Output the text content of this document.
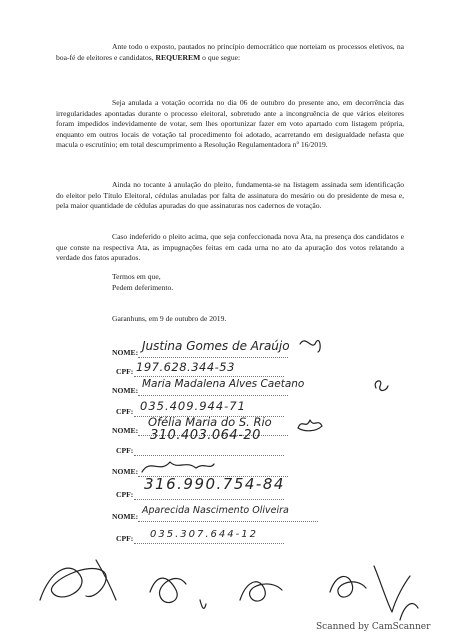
Ante todo o exposto, pautados no princípio democrático que norteiam os processos eletivos, na boa-fé de eleitores e candidatos, REQUEREM o que segue:

Seja anulada a votação ocorrida no dia 06 de outubro do presente ano, em decorrência das irregularidades apontadas durante o processo eleitoral, sobretudo ante a incongruência de que vários eleitores foram impedidos indevidamente de votar, sem lhes oportunizar fazer em voto apartado com listagem própria, enquanto em outros locais de votação tal procedimento foi adotado, acarretando em desigualdade nefasta que macula o escrutínio; em total descumprimento a Resolução Regulamentadora nº 16/2019.

Ainda no tocante à anulação do pleito, fundamenta-se na listagem assinada sem identificação do eleitor pelo Título Eleitoral, cédulas anuladas por falta de assinatura do mesário ou do presidente de mesa e, pela maior quantidade de cédulas apuradas do que assinaturas nos cadernos de votação.

Caso indeferido o pleito acima, que seja confeccionada nova Ata, na presença dos candidatos e que conste na respectiva Ata, as impugnações feitas em cada urna no ato da apuração dos votos relatando a verdade dos fatos apurados.

Termos em que,

Pedem deferimento.

Garanhuns, em 9 de outubro de 2019.

NOME: Justina Gomes de Araújo
CPF: 197.628.344-53
NOME:
Maria Madalena Alves Caetano
CPF: 035.409.944-71
NOME:
Ofélia Maria do S. Rio
CPF:
310.403.064-20
NOME:
CPF:
316.990.754-84
NOME:
Aparecida Nascimento Oliveira
CPF: 035.307.644-12
Scanned by CamScanner
